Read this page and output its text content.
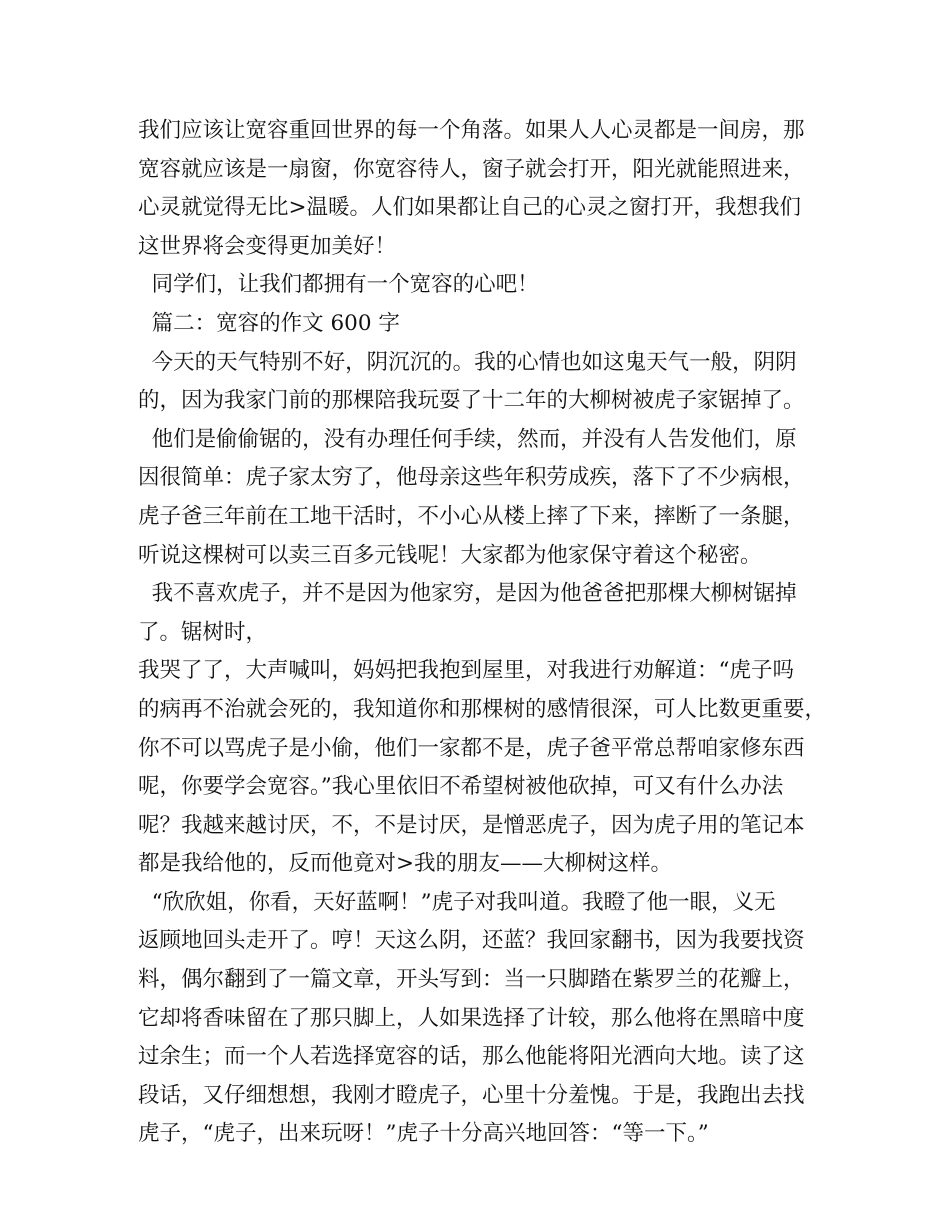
我们应该让宽容重回世界的每一个角落。如果人人心灵都是一间房，那
宽容就应该是一扇窗，你宽容待人，窗子就会打开，阳光就能照进来，
心灵就觉得无比>温暖。人们如果都让自己的心灵之窗打开，我想我们
这世界将会变得更加美好！
同学们，让我们都拥有一个宽容的心吧！
篇二：宽容的作文 600 字
今天的天气特别不好，阴沉沉的。我的心情也如这鬼天气一般，阴阴
的，因为我家门前的那棵陪我玩耍了十二年的大柳树被虎子家锯掉了。
他们是偷偷锯的，没有办理任何手续，然而，并没有人告发他们，原
因很简单：虎子家太穷了，他母亲这些年积劳成疾，落下了不少病根，
虎子爸三年前在工地干活时，不小心从楼上摔了下来，摔断了一条腿，
听说这棵树可以卖三百多元钱呢！大家都为他家保守着这个秘密。
我不喜欢虎子，并不是因为他家穷，是因为他爸爸把那棵大柳树锯掉
了。锯树时，
我哭了了，大声喊叫，妈妈把我抱到屋里，对我进行劝解道：“虎子吗
的病再不治就会死的，我知道你和那棵树的感情很深，可人比数更重要，
你不可以骂虎子是小偷，他们一家都不是，虎子爸平常总帮咱家修东西
呢，你要学会宽容。”我心里依旧不希望树被他砍掉，可又有什么办法
呢？我越来越讨厌，不，不是讨厌，是憎恶虎子，因为虎子用的笔记本
都是我给他的，反而他竟对>我的朋友——大柳树这样。
“欣欣姐，你看，天好蓝啊！”虎子对我叫道。我瞪了他一眼，义无
返顾地回头走开了。哼！天这么阴，还蓝？我回家翻书，因为我要找资
料，偶尔翻到了一篇文章，开头写到：当一只脚踏在紫罗兰的花瓣上，
它却将香味留在了那只脚上，人如果选择了计较，那么他将在黑暗中度
过余生；而一个人若选择宽容的话，那么他能将阳光洒向大地。读了这
段话，又仔细想想，我刚才瞪虎子，心里十分羞愧。于是，我跑出去找
虎子，“虎子，出来玩呀！”虎子十分高兴地回答：“等一下。”
